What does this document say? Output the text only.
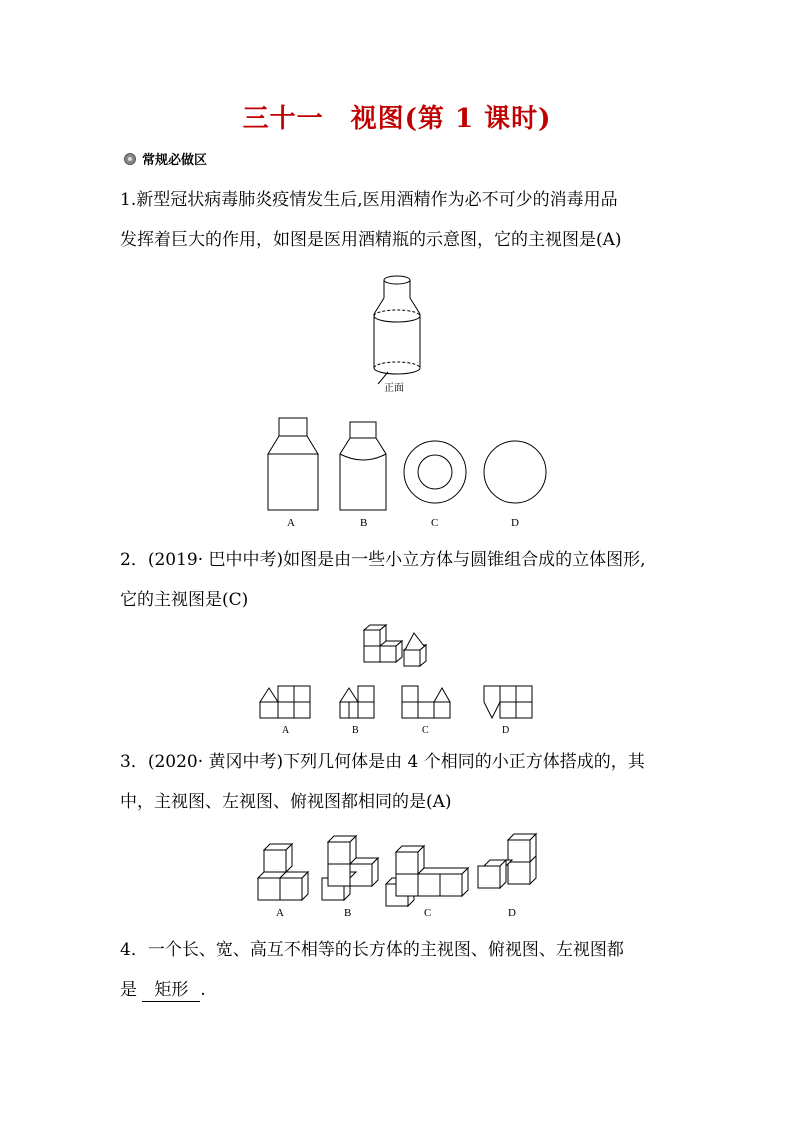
三十一　视图(第 1 课时)
常规必做区
1.新型冠状病毒肺炎疫情发生后,医用酒精作为必不可少的消毒用品
发挥着巨大的作用，如图是医用酒精瓶的示意图，它的主视图是(A)
正面
A	B	C	D
2．(2019· 巴中中考)如图是由一些小立方体与圆锥组合成的立体图形,
它的主视图是(C)
A	B	C	D
3．(2020· 黄冈中考)下列几何体是由 4 个相同的小正方体搭成的，其
中，主视图、左视图、俯视图都相同的是(A)
A	B	C	D
4．一个长、宽、高互不相等的长方体的主视图、俯视图、左视图都
是 矩形 .
